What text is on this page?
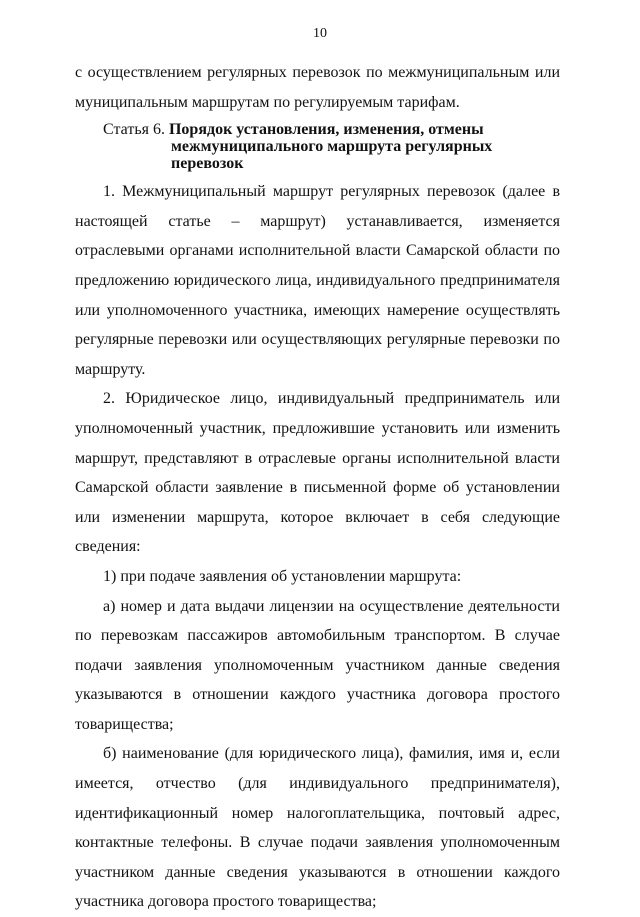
10

с осуществлением регулярных перевозок по межмуниципальным или муниципальным маршрутам по регулируемым тарифам.

Статья 6. Порядок установления, изменения, отмены
межмуниципального маршрута регулярных перевозок

1. Межмуниципальный маршрут регулярных перевозок (далее в настоящей статье – маршрут) устанавливается, изменяется отраслевыми органами исполнительной власти Самарской области по предложению юридического лица, индивидуального предпринимателя или уполномоченного участника, имеющих намерение осуществлять регулярные перевозки или осуществляющих регулярные перевозки по маршруту.

2. Юридическое лицо, индивидуальный предприниматель или уполномоченный участник, предложившие установить или изменить маршрут, представляют в отраслевые органы исполнительной власти Самарской области заявление в письменной форме об установлении или изменении маршрута, которое включает в себя следующие сведения:

1) при подаче заявления об установлении маршрута:

а) номер и дата выдачи лицензии на осуществление деятельности по перевозкам пассажиров автомобильным транспортом. В случае подачи заявления уполномоченным участником данные сведения указываются в отношении каждого участника договора простого товарищества;

б) наименование (для юридического лица), фамилия, имя и, если имеется, отчество (для индивидуального предпринимателя), идентификационный номер налогоплательщика, почтовый адрес, контактные телефоны. В случае подачи заявления уполномоченным участником данные сведения указываются в отношении каждого участника договора простого товарищества;
